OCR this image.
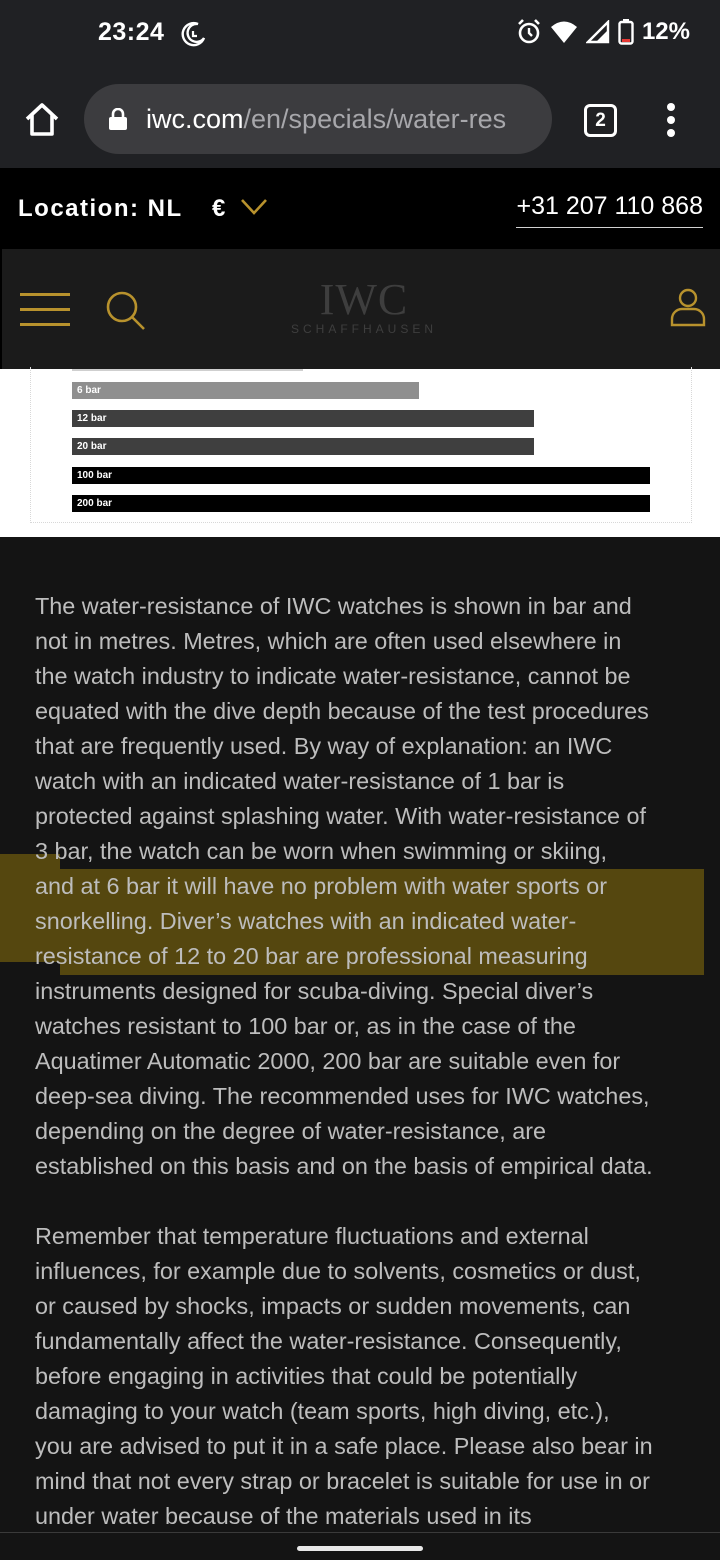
23:24	12%
iwc.com/en/specials/water-res	2
Location: NL €	+31 207 110 868
IWC
SCHAFFHAUSEN
6 bar
12 bar
20 bar
100 bar
200 bar
The water-resistance of IWC watches is shown in bar and
not in metres. Metres, which are often used elsewhere in
the watch industry to indicate water-resistance, cannot be
equated with the dive depth because of the test procedures
that are frequently used. By way of explanation: an IWC
watch with an indicated water-resistance of 1 bar is
protected against splashing water. With water-resistance of
3 bar, the watch can be worn when swimming or skiing,
and at 6 bar it will have no problem with water sports or
snorkelling. Diver’s watches with an indicated water-
resistance of 12 to 20 bar are professional measuring
instruments designed for scuba-diving. Special diver’s
watches resistant to 100 bar or, as in the case of the
Aquatimer Automatic 2000, 200 bar are suitable even for
deep-sea diving. The recommended uses for IWC watches,
depending on the degree of water-resistance, are
established on this basis and on the basis of empirical data.
Remember that temperature fluctuations and external
influences, for example due to solvents, cosmetics or dust,
or caused by shocks, impacts or sudden movements, can
fundamentally affect the water-resistance. Consequently,
before engaging in activities that could be potentially
damaging to your watch (team sports, high diving, etc.),
you are advised to put it in a safe place. Please also bear in
mind that not every strap or bracelet is suitable for use in or
under water because of the materials used in its
